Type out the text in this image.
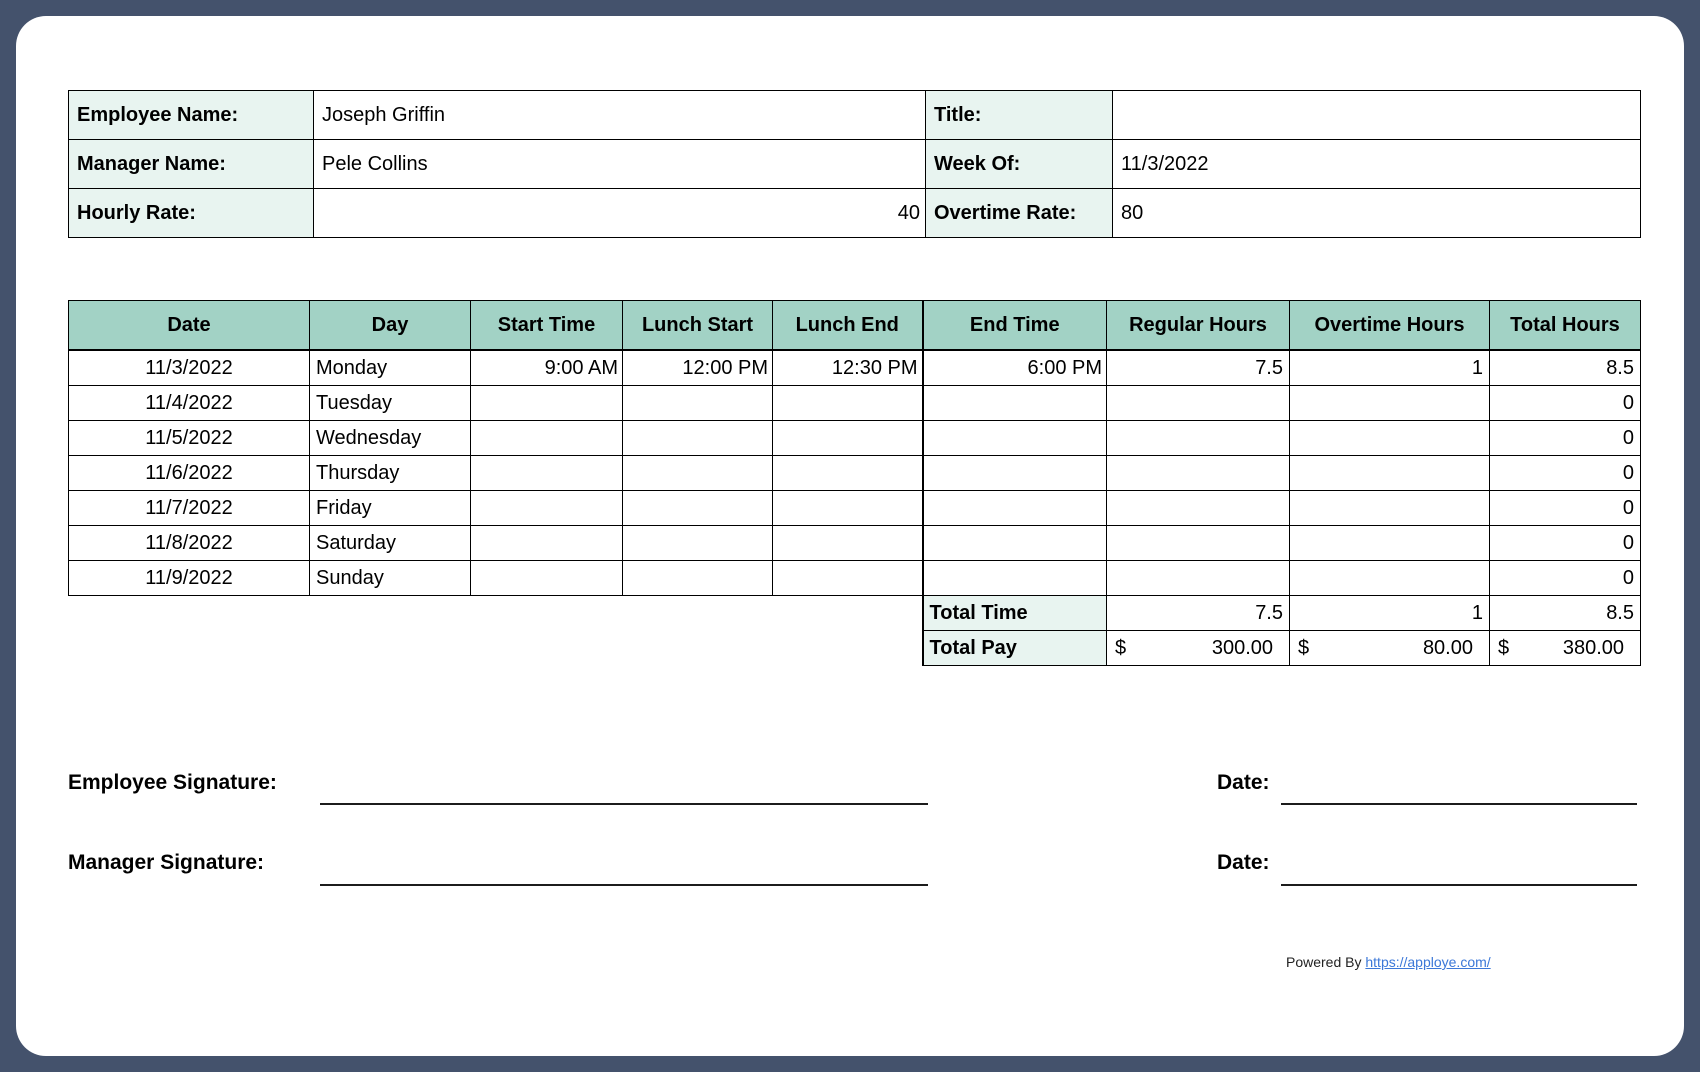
Employee Name:	Joseph Griffin	Title:	
Manager Name:	Pele Collins	Week Of:	11/3/2022
Hourly Rate:	40	Overtime Rate:	80
Date	Day	Start Time	Lunch Start	Lunch End	End Time	Regular Hours	Overtime Hours	Total Hours
11/3/2022	Monday	9:00 AM	12:00 PM	12:30 PM	6:00 PM	7.5	1	8.5
11/4/2022	Tuesday							0
11/5/2022	Wednesday							0
11/6/2022	Thursday							0
11/7/2022	Friday							0
11/8/2022	Saturday							0
11/9/2022	Sunday							0
					Total Time	7.5	1	8.5
					Total Pay	$ 300.00	$ 80.00	$ 380.00
Employee Signature:	Date:
Manager Signature:	Date:
Powered By https://apploye.com/
